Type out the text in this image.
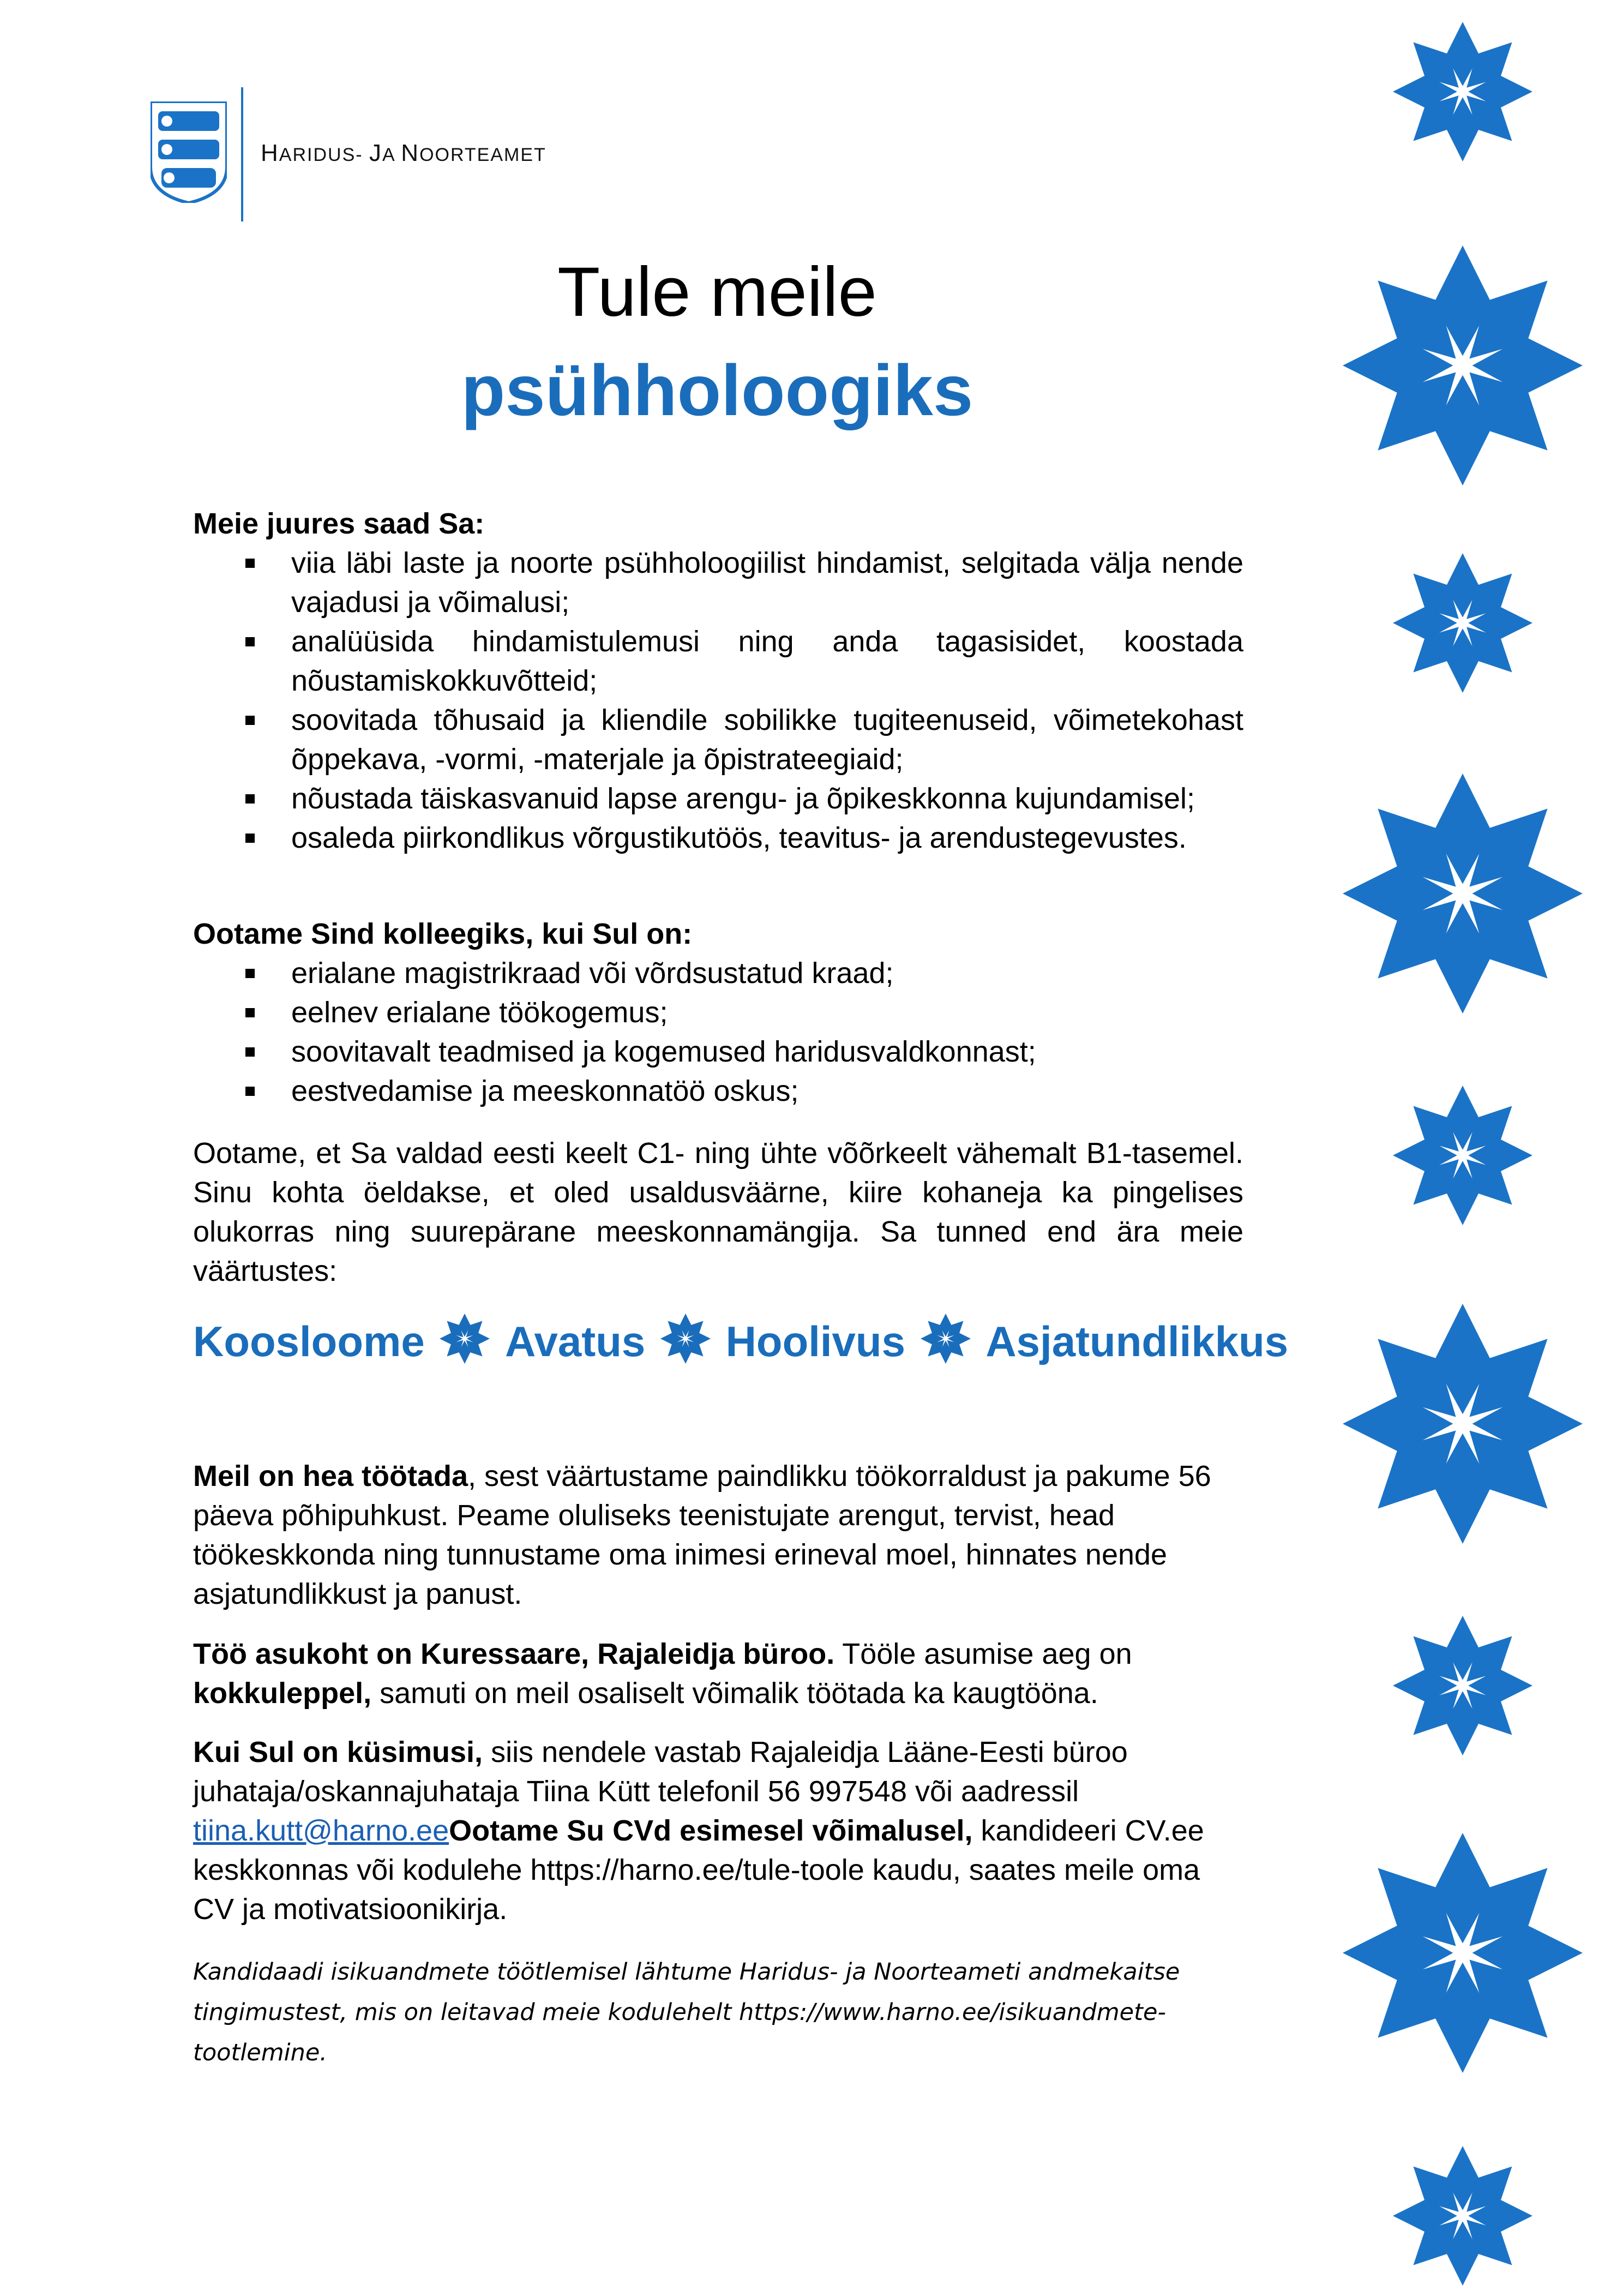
HARIDUS- JA NOORTEAMET
Tule meile
psühholoogiks
Meie juures saad Sa:
viia läbi laste ja noorte psühholoogiilist hindamist, selgitada välja nende vajadusi ja võimalusi;
analüüsida hindamistulemusi ning anda tagasisidet, koostada nõustamiskokkuvõtteid;
soovitada tõhusaid ja kliendile sobilikke tugiteenuseid, võimetekohast õppekava, -vormi, -materjale ja õpistrateegiaid;
nõustada täiskasvanuid lapse arengu- ja õpikeskkonna kujundamisel;
osaleda piirkondlikus võrgustikutöös, teavitus- ja arendustegevustes.
Ootame Sind kolleegiks, kui Sul on:
erialane magistrikraad või võrdsustatud kraad;
eelnev erialane töökogemus;
soovitavalt teadmised ja kogemused haridusvaldkonnast;
eestvedamise ja meeskonnatöö oskus;
Ootame, et Sa valdad eesti keelt C1- ning ühte võõrkeelt vähemalt B1-tasemel. Sinu kohta öeldakse, et oled usaldusväärne, kiire kohaneja ka pingelises olukorras ning suurepärane meeskonnamängija. Sa tunned end ära meie väärtustes:
Koosloome Avatus Hoolivus Asjatundlikkus
Meil on hea töötada, sest väärtustame paindlikku töökorraldust ja pakume 56 päeva põhipuhkust. Peame oluliseks teenistujate arengut, tervist, head töökeskkonda ning tunnustame oma inimesi erineval moel, hinnates nende asjatundlikkust ja panust.
Töö asukoht on Kuressaare, Rajaleidja büroo. Tööle asumise aeg on kokkuleppel, samuti on meil osaliselt võimalik töötada ka kaugtööna.
Kui Sul on küsimusi, siis nendele vastab Rajaleidja Lääne-Eesti büroo juhataja/oskannajuhataja Tiina Kütt telefonil 56 997548 või aadressil tiina.kutt@harno.eeOotame Su CVd esimesel võimalusel, kandideeri CV.ee keskkonnas või kodulehe https://harno.ee/tule-toole kaudu, saates meile oma CV ja motivatsioonikirja.
Kandidaadi isikuandmete töötlemisel lähtume Haridus- ja Noorteameti andmekaitse tingimustest, mis on leitavad meie kodulehelt https://www.harno.ee/isikuandmete-tootlemine.
